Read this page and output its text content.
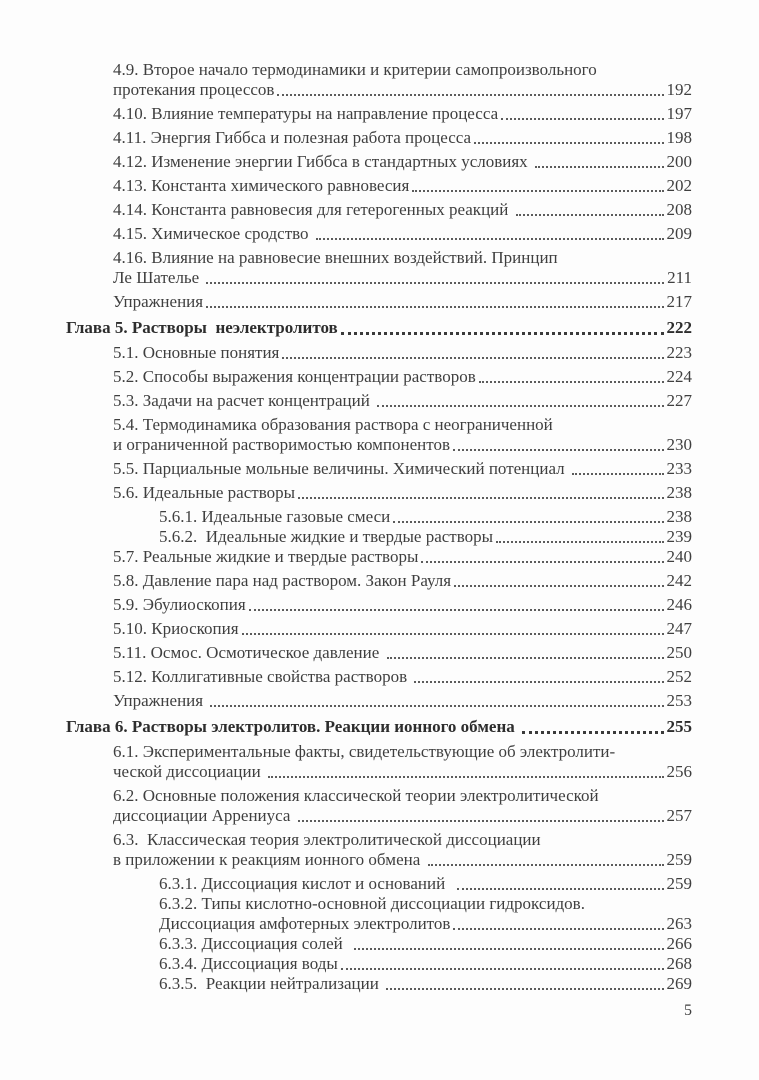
4.9. Второе начало термодинамики и критерии самопроизвольного
протекания процессов	192
4.10. Влияние температуры на направление процесса	197
4.11. Энергия Гиббса и полезная работа процесса	198
4.12. Изменение энергии Гиббса в стандартных условиях	200
4.13. Константа химического равновесия	202
4.14. Константа равновесия для гетерогенных реакций	208
4.15. Химическое сродство	209
4.16. Влияние на равновесие внешних воздействий. Принцип
Ле Шателье	211
Упражнения	217
Глава 5. Растворы  неэлектролитов	222
5.1. Основные понятия	223
5.2. Способы выражения концентрации растворов	224
5.3. Задачи на расчет концентраций	227
5.4. Термодинамика образования раствора с неограниченной
и ограниченной растворимостью компонентов	230
5.5. Парциальные мольные величины. Химический потенциал	233
5.6. Идеальные растворы	238
5.6.1. Идеальные газовые смеси	238
5.6.2.  Идеальные жидкие и твердые растворы	239
5.7. Реальные жидкие и твердые растворы	240
5.8. Давление пара над раствором. Закон Рауля	242
5.9. Эбулиоскопия	246
5.10. Криоскопия	247
5.11. Осмос. Осмотическое давление	250
5.12. Коллигативные свойства растворов	252
Упражнения	253
Глава 6. Растворы электролитов. Реакции ионного обмена	255
6.1. Экспериментальные факты, свидетельствующие об электролити-
ческой диссоциации	256
6.2. Основные положения классической теории электролитической
диссоциации Аррениуса	257
6.3.  Классическая теория электролитической диссоциации
в приложении к реакциям ионного обмена	259
6.3.1. Диссоциация кислот и оснований	259
6.3.2. Типы кислотно-основной диссоциации гидроксидов.
Диссоциация амфотерных электролитов	263
6.3.3. Диссоциация солей	266
6.3.4. Диссоциация воды	268
6.3.5.  Реакции нейтрализации	269
5
